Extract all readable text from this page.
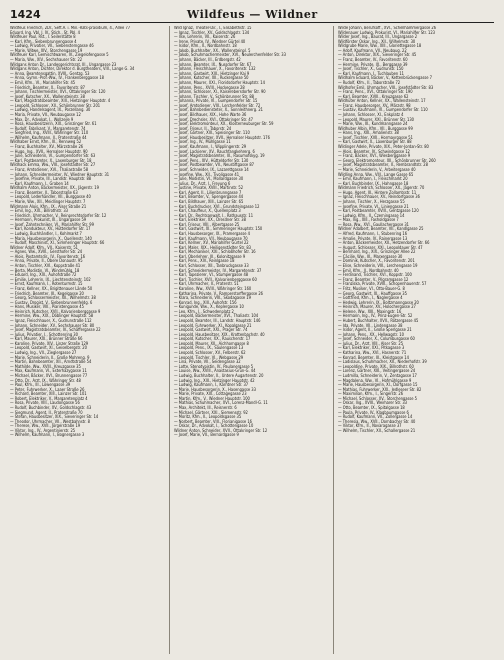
1424	Wildfeus — Wildner

Wildfeus Friedrich, 2Dr., Seft.A. i. Min.-Rats-präsidium, 4., Allee 77

Eduard, Ing. Vbl. J. IV., Stich., St. Pbl. 4

Wildfeuer Paul, Rst., I. Seilerstätte 8

— Karl, Kfm., Siebenbrunnengasse 4

— Ludwig, Privatier, VII., Siebensterngasse 46

— Marie, Witwe, XIV., Storchengasse 19

Wildfeuer Karl, Gemischtwaren, IV., Ziegelofengasse 5

— Maria, Ww., XIV., Sechshauser Str. 22

Wildgans Anton Dr., Landesgerichtsrat, III., Ungargasse 23

Wildgans Anton, Dichter, Direktor d. Burgtheaters, VIII., Lange G. 34

— Anna, Beamtensgattin, XVIII., Gentzg. 53

— Anna, Gymn.-Prof.-Ww., IV., Frankenberggasse 18

— Emil, Kfm., VI., Mariahilfer Str. 45

— Friedrich, Beamter, X., Favoritenstr. 87

— Johann, Tischlermeister, XVI., Ottakringer Str. 120

— Josef, Kutscher, XX., Wallensteinstr. 38

— Karl, Magistratsbeamter, XIII., Hietzinger Hauptstr. 4

— Leopold, Schlosser, XII., Schönbrunner Str. 201

— Ludwig, Handelsagent, IX., Porzellang. 30

— Maria, Private, VII., Neubaugasse 12

— Max, Dr., Advokat, I., Wollzeile 9

— Rosa, Hausbesitzerin, XIX., Grinzinger Str. 61

— Rudolf, Fabrikant, V., Margaretenstr. 74

— Siegfried, Ing., XVIII., Währinger Str. 110

— Wilhelm, Kaufmann, II., Praterstraße 44

Wildhaber Ernst, Kfm., III., Rennweg 52

— Franz, Buchhalter, XV., Märzstraße 26

— Hugo, Ing., XVII., Hernalser Hauptstr. 90

— Julie, Schneiderin, VI., Gumpendorfer Str. 63

— Karl, Postbeamter, X., Laxenburger Str. 18

Wildhack Emma, Ww., VIII., Josefstädter Str. 27

— Franz, Amtsdiener, XVI., Thaliastraße 58

— Johann, Schneidermeister, IV., Wiedner Hauptstr. 31

— Josefine, Private, III., Landstr. Hauptstr. 88

— Karl, Kaufmann, I., Graben 14

Wildhalm Anton, Bäckermeister, XX., Jägerstr. 19

— Franz, Beamter, II., Taborstraße 63

— Leopold, Lederhändler, VII., Burggasse 40

— Marie, Ww., XII., Meidlinger Hauptstr. 7

Wildmann Alois, Kfm., IX., Alser Straße 21

— Emil, Ing., XIX., Billrothstr. 33

— Friedrich, Uhrmacher, V., Reinprechtsdorfer Str. 12

— Hermann, Prokurist, III., Ungargasse 59

— Josef, Zahntechniker, VI., Mariahilfer Str. 99

— Karl, Kondukteur, XV., Hütteldorfer Str. 17

— Ludwig, Buchhändler, I., Kohlmarkt 7

— Maria, Hausbesorgerin, X., Quellenstr. 140

— Rudolf, Maschinist, XI., Simmeringer Hauptstr. 66

Wildner Adolf, Kfm., VII., Kaiserstr. 51

— Agnes, Ww., XVIII., Gersthofer Str. 24

— Alois, Postamtsdir., IV., Favoritenstr. 16

— Anna, Private, II., Obere Donaustr. 95

— Anton, Tischler, XVI., Koppstraße 41

— Berta, Modistin, VI., Windmühlg. 18

— Eduard, Ing., XIII., Auhofstraße 72

— Emilie, Lehrerin, IX., Liechtensteinstr. 102

— Ernst, Kaufmann, I., Rotenturmstr. 15

— Franz, Kellner, XX., Brigittenauer Lände 50

— Friedrich, Beamter, III., Kegelgasse 20

— Georg, Schlossermeister, XII., Wilhelmstr. 38

— Gustav, Drogist, V., Siebenbrunnenfeldg. 6

— Hans, Musiker, VIII., Piaristengasse 45

— Heinrich, Kutscher, XVII., Kalvarienberggasse 9

— Hermine, Ww., XIX., Döblinger Hauptstr. 58

— Ignaz, Fleischhauer, X., Gudrunstraße 112

— Johann, Schneider, XV., Sechshauser Str. 80

— Josef, Magistratsbeamter, IV., Schäffergasse 22

— Julius, Privatier, I., Schottenring 30

— Karl, Maurer, XXI., Brünner Straße 66

— Karoline, Private, XIV., Linzer Straße 129

— Leopold, Gastwirt, XI., Geiselbergstr. 20

— Ludwig, Ing., VII., Zieglergasse 27

— Marie, Schneiderin, II., Große Mohreng. 9

— Martin, Bahnbeamter, XII., Arndtstraße 54

— Mathilde, Ww., XVIII., Kreuzgasse 35

— Max, Kaufmann, VI., Esterhazygasse 11

— Michael, Bäcker, XVI., Brunnengasse 77

— Otto, Dr., Arzt, IX., Währinger Str. 48

— Paul, Kfm., III., Löwengasse 39

— Peter, Fuhrwerker, X., Laaer Straße 26

— Richard, Beamter, XIII., Lainzer Str. 101

— Robert, Elektriker, V., Margaretenplatz 4

— Rosa, Private, VIII., Laudongasse 56

— Rudolf, Buchbinder, XV., Goldschlagstr. 43

— Siegmund, Agent, II., Praterstraße 70

— Stefan, Hausbesitzer, XIX., Sieveringer Str. 14

— Theodor, Uhrmacher, VII., Westbahnstr. 8

— Therese, Ww., XVII., Jörgerstraße 19

— Viktor, Ing., IV., Argentinierstr. 25

— Wilhelm, Kaufmann, I., Bognergasse 3

Wild Ignaz, Theater-Dir., I., Elisabethstr. 15

— Ignaz, Tischler, XV., Goldschlagstr. 134

— Ilse, Lehrerin, VII., Kaiserstr. 26

— Irene, Private, IV., Wiedner Gürtel 40

— Isidor, Kfm., II., Nordbahnstr. 18

— Jakob, Buchhalter, XX., Wallensteinpl. 5

— Jakob, Schuhmachermeister, XVI., Neulerchenfelder Str. 33

— Johann, Bäcker, III., Erdbergstr. 42

— Johann, Beamter, IX., Nussdorfer Str. 67

— Johann, Fleischhauer, X., Favoritenstr. 132

— Johann, Gastwirt, XIII., Hietzinger Kai 9

— Johann, Kutscher, XII., Ruckergasse 50

— Johann, Maurer, XXI., Floridsdorfer Hauptstr. 14

— Johann, Pens., XVIII., Hockegasse 28

— Johann, Schlosser, XI., Kaiserebersdorfer Str. 90

— Johann, Tischler, V., Schönbrunner Str. 88

— Johanna, Private, VI., Gumpendorfer Str. 15

— Josef, Amtsdiener, VIII., Lerchenfelder Str. 72

— Josef, Bahnbediensteter, X., Sonnleithnerg. 21

— Josef, Bildhauer, XIX., Hohe Warte 36

— Josef, Drechsler, XVI., Ottakringer Str. 47

— Josef, Elektromonteur, XX., Klosterneuburger Str. 59

— Josef, Friseur, II., Taborstr. 24

— Josef, Gärtner, XIII., Speisinger Str. 110

— Josef, Hausbesitzer, XVII., Hernalser Hauptstr. 176

— Josef, Ing., IV., Mühlgasse 11

— Josef, Kaufmann, I., Wipplingerstr. 29

— Josef, Lackierer, XV., Rauchfangkehrerg. 6

— Josef, Magistratsbeamter, III., Rasumofskyg. 19

— Josef, Pens., XIV., Hütteldorfer Str. 130

— Josef, Postbeamter, VII., Neustiftgasse 87

— Josef, Schneider, IX., Lazarettgasse 14

— Josefine, Ww., XII., Tivoligasse 41

— Julie, Modistin, VI., Mollardgasse 30

— Julius, Dr., Arzt, I., Freyung 6

— Justine, Private, XVIII., Martinstr. 52

— Karl, Agent, II., Lilienbrunngasse 7

— Karl, Beamter, V., Spengergasse 44

— Karl, Bildhauer, XIII., Lainzer Str. 65

— Karl, Buchdrucker, XVI., Grundsteingasse 12

— Karl, Chauffeur, X., Quellenplatz 3

— Karl, Dr., Rechtsanwalt, I., Rathausstr. 11

— Karl, Elektriker, XX., Dresdner Str. 38

— Karl, Friseur, VIII., Albertgasse 25

— Karl, Gastwirt, XI., Simmeringer Hauptstr. 150

— Karl, Hausbesorger, IX., Pramergasse 4

— Karl, Kaufmann, VII., Neubaugasse 70

— Karl, Kellner, XV., Mariahilfer Gürtel 22

— Karl, Maler, XIX., Heiligenstädter Str. 83

— Karl, Mechaniker, XXI., Schloßhofer Str. 16

— Karl, Oberlehrer, III., Kolonitzgasse 9

— Karl, Pens., XIV., Reinlgasse 18

— Karl, Schlosser, XII., Tanbruckgasse 33

— Karl, Schneidermeister, IV., Margaretenstr. 37

— Karl, Tapezierer, VI., Stumpergasse 48

— Karl, Tischler, XVII., Kalvarienberggasse 60

— Karl, Uhrmacher, II., Praterstr. 51

— Karoline, Ww., XVIII., Währinger Str. 160

— Katharina, Private, V., Ramperstorffergasse 26

— Klara, Schneiderin, VIII., Skodagasse 19

— Konrad, Ing., XIII., Auhofstr. 156

— Kunigunde, Ww., X., Keplergasse 10

— Leo, Kfm., I., Schwedenplatz 2

— Leopold, Bäckermeister, XVI., Thaliastr. 104

— Leopold, Beamter, III., Landstr. Hauptstr. 146

— Leopold, Fuhrwerker, XI., Kopalgasse 21

— Leopold, Gastwirt, XXI., Prager Str. 74

— Leopold, Hausbesitzer, XIX., Krottenbachstr. 40

— Leopold, Kutscher, XX., Rauscherstr. 17

— Leopold, Maurer, XII., Aichhorngasse 8

— Leopold, Pens., IX., Säulengasse 13

— Leopold, Schlosser, XV., Felberstr. 62

— Leopold, Tischler, VI., Webgasse 29

— Lina, Private, VII., Seidengasse 32

— Lotte, Stenotypistin, IV., Paulanergasse 5

— Louise, Ww., XVIII., Anastasius-Grün-G. 44

— Ludwig, Buchhalter, II., Untere Augartenstr. 20

— Ludwig, Ing., XIII., Hietzinger Hauptstr. 42

— Ludwig, Kaufmann, I., Kärntner Str. 37

— Marie, Hausbesorgerin, X., Hasengasse 33

— Marie, Private, XIX., Cottagegasse 23

— Martin, Kfm., V., Wiedner Hauptstr. 100

— Mathias, Schuhmacher, XVI., Lorenz-Mandl-G. 11

— Max, Architekt, III., Reisnerstr. 6

— Michael, Gärtner, XXI., Siemensstr. 92

— Moritz, Kfm., II., Leopoldsgasse 35

— Norbert, Beamter, VIII., Florianigasse 16

— Oskar, Dr., Advokat, I., Schottengasse 10

Wildner Anton, Schneider, XVII., Ottakringer Str. 12

— Josef, Marie, VII., Bernardgasse 9

Wilde Johann, Berufsoff., XVI., Schellhammergasse 26

Wildenauer Ludwig, Prokurist, VI., Mariahilfer Str. 123

Wilder Josef, Ing., Baurat, III., Ungargasse 2

Wildförster Oskar, Ing., XII., Wilhelmstr. 30

Wildgrube Marie, Ww., XIII., Gloriettegasse 18

— Adolf, Kaufmann, VII., Neubaug. 22

— Anton, Direktor, XIX., Sieveringer Str. 45

— Franz, Beamter, IV., Favoritenstr. 60

— Hermine, Private, IX., Berggasse 39

— Josef, Tischler, X., Gudrunstr. 150

— Karl, Kaufmann, I., Tuchlauben 11

Wildhalm Eduard, Bäcker, V., Kettenbrückengasse 7

— Rudolf, Kfm., II., Taborstraße 72

Wildhofer Emil, Uhrmacher, VIII., Josefstädter Str. 83

— Franz, Pens., XVI., Ottakringer Str. 190

— Karl, Beamter, XVIII., Kreuzgasse 62

Wildhüter Anton, Kellner, XX., Wallensteinstr. 17

— Franz, Hausbesorger, XV., Märzstr. 98

— Gustav, Kaufmann, VI., Gumpendorfer Str. 110

— Johann, Schlosser, XI., Enkplatz 4

— Leopold, Maurer, XXI., Brünner Str. 130

— Marie, Ww., III., Kundmanngasse 24

Wildhuber Albin, Kfm., VII., Burggasse 99

— Hans, Ing., XIII., Amalienstr. 38

— Josef, Tischler, XVII., Hormayrgasse 51

— Karl, Gastwirt, X., Laxenburger Str. 88

Wildinger Adele, Private, XIX., Peter-Jordan-Str. 80

— Alois, Beamter, IV., Schwindgasse 12

— Franz, Bäcker, XVI., Wiesberggasse 9

— Georg, Elektromonteur, XII., Schönbrunner Str. 260

— Josef, Magistratsbeamter, II., Rembrandtstr. 28

— Marie, Schneiderin, V., Arbeitergasse 40

Wildling Anna, Ww., VIII., Lange Gasse 65

— Emil, Kaufmann, I., Fleischmarkt 20

— Karl, Buchbinder, IX., Hahngasse 18

Wildmann Friedrich, Schlosser, XX., Jägerstr. 70

— Hugo, Agent, III., Hintere Zollamtsstr. 11

— Ignaz, Fleischhauer, XV., Reindorfgasse 36

— Johann, Tischler, X., Herzgasse 55

— Josefine, Private, VI., Liniengasse 21

— Karl, Postbeamter, XVIII., Gentzgasse 120

— Ludwig, Kfm., II., Czerningasse 14

— Max, Ing., XIII., Fasholdgasse 7

— Rosa, Ww., XVI., Gaullachergasse 31

Wildner Adalbert, Beamter, VII., Kandlgasse 25

— Alfred, Kaufmann, I., Stubenring 16

— Amalie, Private, IV., Rainergasse 13

— Anton, Bäckermeister, XII., Hetzendorfer Str. 66

— August, Schlosser, XXI., Leopoldauer Str. 47

— Bernhard, Ing., XIX., Grinzinger Allee 22

— Cäcilie, Ww., III., Marxergasse 30

— Dominik, Kutscher, X., Favoritenstr. 201

— Elise, Schneiderin, VIII., Lerchengasse 19

— Emil, Kfm., II., Nordbahnstr. 40

— Ferdinand, Tischler, XVI., Koppstr. 100

— Franz, Beamter, V., Pilgramgasse 12

— Franziska, Private, XVIII., Schopenhauerstr. 57

— Fritz, Musiker, VI., Otto-Bauer-G. 8

— Georg, Gastwirt, XI., Hauffgasse 35

— Gottfried, Kfm., I., Naglergasse 4

— Hedwig, Lehrerin, IX., Boltzmanngasse 20

— Heinrich, Maurer, XV., Holochergasse 27

— Helene, Ww., XIII., Maxingstr. 16

— Hermann, Ing., IV., Prinz-Eugen-Str. 52

— Hubert, Buchhalter, XVII., Rötzergasse 45

— Ida, Private, VII., Lindengasse 38

— Isidor, Agent, II., Große Sperlgasse 21

— Johann, Pens., XX., Hellwagstr. 10

— Josef, Schneider, X., Columbusgasse 60

— Julius, Dr., Arzt, VIII., Alser Str. 25

— Karl, Elektriker, XXI., Pitkagasse 3

— Katharina, Ww., XVI., Hasnerstr. 71

— Konrad, Beamter, III., Kleistgasse 14

— Ladislaus, Schuhmacher, XII., Niederhofstr. 39

— Leopoldine, Private, XIX., Billrothstr. 60

— Lorenz, Gärtner, XIII., Veitingergasse 24

— Ludmilla, Schneiderin, V., Zentagasse 17

— Magdalena, Ww., VI., Hofmühlgasse 9

— Marie, Hausbesorgerin, XI., Dorfgasse 15

— Mathias, Fuhrwerker, XXI., Jedleseer Str. 82

— Maximilian, Kfm., I., Singerstr. 26

— Michael, Schlosser, XV., Storchengasse 5

— Oskar, Ing., XVIII., Weimarer Str. 33

— Otto, Beamter, IX., Spitalgasse 18

— Paula, Private, IV., Klagbaumgasse 6

— Rudolf, Kaufmann, VII., Zollergasse 14

— Theresia, Ww., XVII., Dornbacher Str. 40

— Viktor, Kfm., II., Novaragasse 37

— Wilhelm, Tischler, XII., Schallergasse 21
